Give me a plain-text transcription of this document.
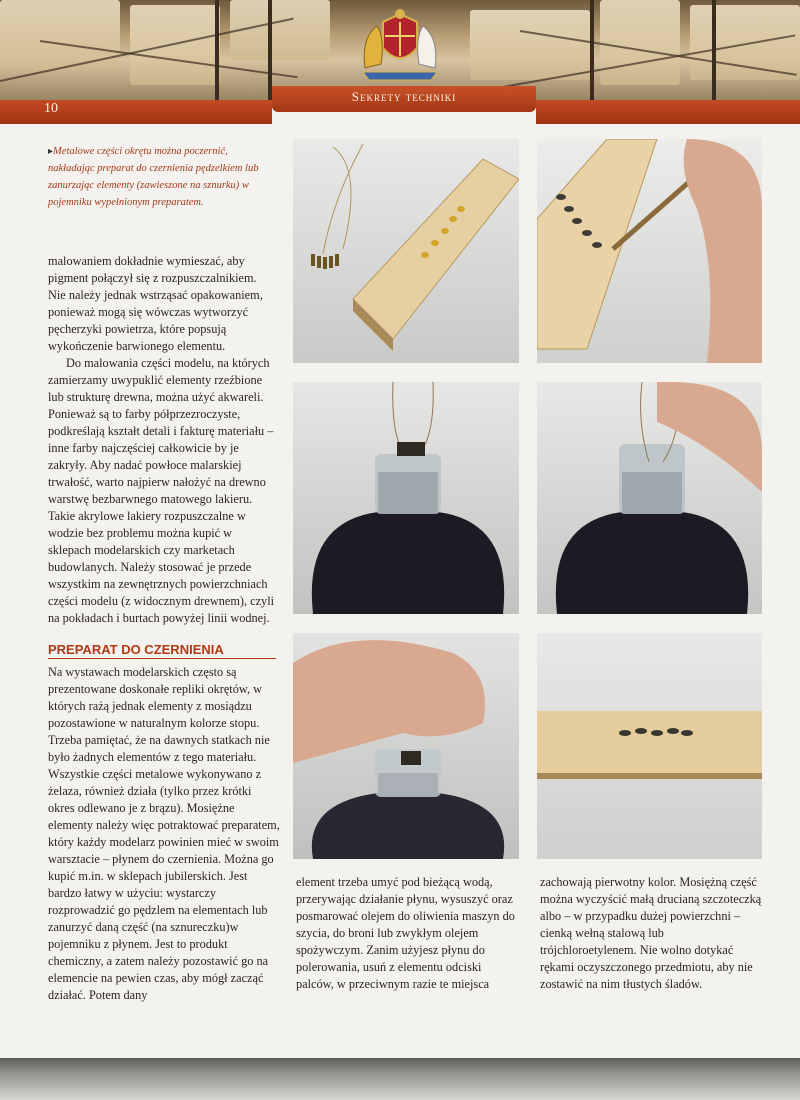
10
Sekrety techniki
▸Metalowe części okrętu można poczernić, nakładając preparat do czernienia pędzelkiem lub zanurzając elementy (zawieszone na sznurku) w pojemniku wypełnionym preparatem.

malowaniem dokładnie wymieszać, aby pigment połączył się z rozpuszczalnikiem. Nie należy jednak wstrząsać opakowaniem, ponieważ mogą się wówczas wytworzyć pęcherzyki powietrza, które popsują wykończenie barwionego elementu.

Do malowania części modelu, na których zamierzamy uwypuklić elementy rzeźbione lub strukturę drewna, można użyć akwareli. Ponieważ są to farby półprzezroczyste, podkreślają kształt detali i fakturę materiału – inne farby najczęściej całkowicie by je zakryły. Aby nadać powłoce malarskiej trwałość, warto najpierw nałożyć na drewno warstwę bezbarwnego matowego lakieru. Takie akrylowe lakiery rozpuszczalne w wodzie bez problemu można kupić w sklepach modelarskich czy marketach budowlanych. Należy stosować je przede wszystkim na zewnętrznych powierzchniach części modelu (z widocznym drewnem), czyli na pokładach i burtach powyżej linii wodnej.

PREPARAT DO CZERNIENIA

Na wystawach modelarskich często są prezentowane doskonałe repliki okrętów, w których rażą jednak elementy z mosiądzu pozostawione w naturalnym kolorze stopu. Trzeba pamiętać, że na dawnych statkach nie było żadnych elementów z tego materiału. Wszystkie części metalowe wykonywano z żelaza, również działa (tylko przez krótki okres odlewano je z brązu). Mosiężne elementy należy więc potraktować preparatem, który każdy modelarz powinien mieć w swoim warsztacie – płynem do czernienia. Można go kupić m.in. w sklepach jubilerskich. Jest bardzo łatwy w użyciu: wystarczy rozprowadzić go pędzlem na elementach lub zanurzyć daną część (na sznureczku)w pojemniku z płynem. Jest to produkt chemiczny, a zatem należy pozostawić go na elemencie na pewien czas, aby mógł zacząć działać. Potem dany

element trzeba umyć pod bieżącą wodą, przerywając działanie płynu, wysuszyć oraz posmarować olejem do oliwienia maszyn do szycia, do broni lub zwykłym olejem spożywczym. Zanim użyjesz płynu do polerowania, usuń z elementu odciski palców, w przeciwnym razie te miejsca

zachowają pierwotny kolor. Mosiężną część można wyczyścić małą drucianą szczoteczką albo – w przypadku dużej powierzchni – cienką wełną stalową lub trójchloroetylenem. Nie wolno dotykać rękami oczyszczonego przedmiotu, aby nie zostawić na nim tłustych śladów.
